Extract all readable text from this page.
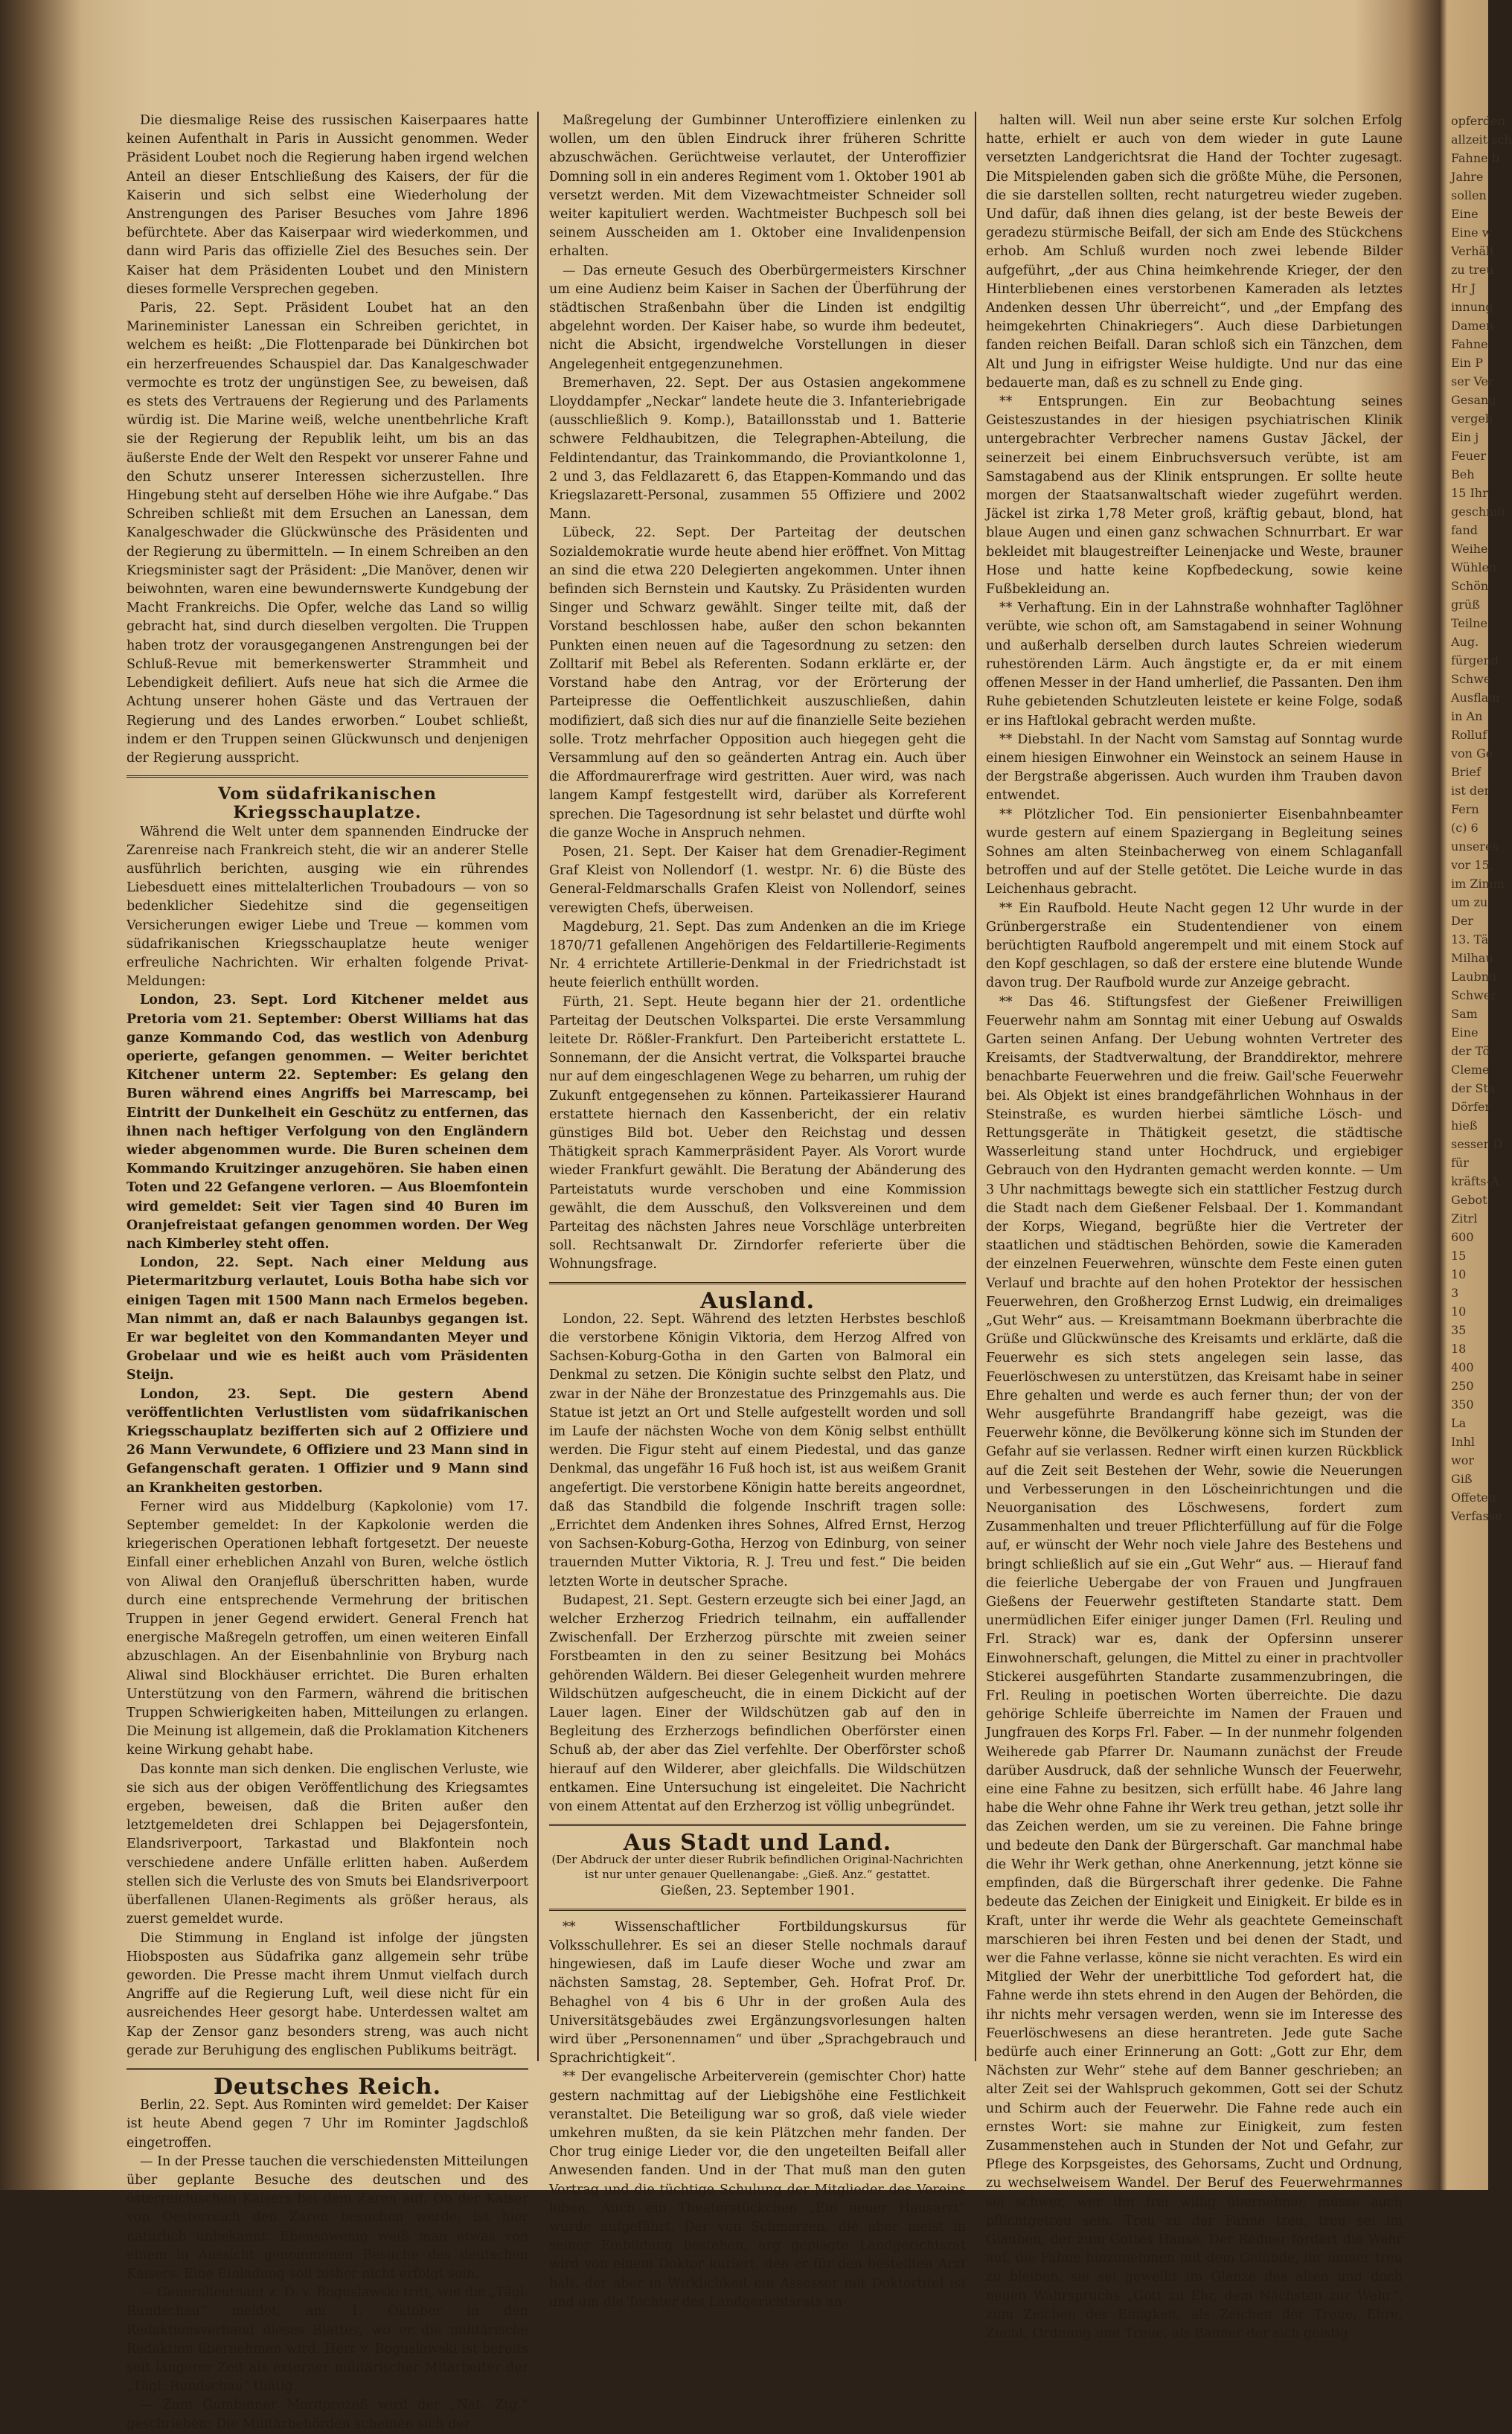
Die diesmalige Reise des russischen Kaiserpaares hatte keinen Aufenthalt in Paris in Aussicht genommen. Weder Präsident Loubet noch die Regierung haben irgend welchen Anteil an dieser Entschließung des Kaisers, der für die Kaiserin und sich selbst eine Wiederholung der Anstrengungen des Pariser Besuches vom Jahre 1896 befürchtete. Aber das Kaiserpaar wird wiederkommen, und dann wird Paris das offizielle Ziel des Besuches sein. Der Kaiser hat dem Präsidenten Loubet und den Ministern dieses formelle Versprechen gegeben.

Paris, 22. Sept. Präsident Loubet hat an den Marineminister Lanessan ein Schreiben gerichtet, in welchem es heißt: „Die Flottenparade bei Dünkirchen bot ein herzerfreuendes Schauspiel dar. Das Kanalgeschwader vermochte es trotz der ungünstigen See, zu beweisen, daß es stets des Vertrauens der Regierung und des Parlaments würdig ist. Die Marine weiß, welche unentbehrliche Kraft sie der Regierung der Republik leiht, um bis an das äußerste Ende der Welt den Respekt vor unserer Fahne und den Schutz unserer Interessen sicherzustellen. Ihre Hingebung steht auf derselben Höhe wie ihre Aufgabe.“ Das Schreiben schließt mit dem Ersuchen an Lanessan, dem Kanalgeschwader die Glückwünsche des Präsidenten und der Regierung zu übermitteln. — In einem Schreiben an den Kriegsminister sagt der Präsident: „Die Manöver, denen wir beiwohnten, waren eine bewundernswerte Kundgebung der Macht Frankreichs. Die Opfer, welche das Land so willig gebracht hat, sind durch dieselben vergolten. Die Truppen haben trotz der vorausgegangenen Anstrengungen bei der Schluß-Revue mit bemerkenswerter Strammheit und Lebendigkeit defiliert. Aufs neue hat sich die Armee die Achtung unserer hohen Gäste und das Vertrauen der Regierung und des Landes erworben.“ Loubet schließt, indem er den Truppen seinen Glückwunsch und denjenigen der Regierung ausspricht.

Vom südafrikanischen Kriegsschauplatze.

Während die Welt unter dem spannenden Eindrucke der Zarenreise nach Frankreich steht, die wir an anderer Stelle ausführlich berichten, ausging wie ein rührendes Liebesduett eines mittelalterlichen Troubadours — von so bedenklicher Siedehitze sind die gegenseitigen Versicherungen ewiger Liebe und Treue — kommen vom südafrikanischen Kriegsschauplatze heute weniger erfreuliche Nachrichten. Wir erhalten folgende Privat-Meldungen:

London, 23. Sept. Lord Kitchener meldet aus Pretoria vom 21. September: Oberst Williams hat das ganze Kommando Cod, das westlich von Adenburg operierte, gefangen genommen. — Weiter berichtet Kitchener unterm 22. September: Es gelang den Buren während eines Angriffs bei Marrescamp, bei Eintritt der Dunkelheit ein Geschütz zu entfernen, das ihnen nach heftiger Verfolgung von den Engländern wieder abgenommen wurde. Die Buren scheinen dem Kommando Kruitzinger anzugehören. Sie haben einen Toten und 22 Gefangene verloren. — Aus Bloemfontein wird gemeldet: Seit vier Tagen sind 40 Buren im Oranjefreistaat gefangen genommen worden. Der Weg nach Kimberley steht offen.

London, 22. Sept. Nach einer Meldung aus Pietermaritzburg verlautet, Louis Botha habe sich vor einigen Tagen mit 1500 Mann nach Ermelos begeben. Man nimmt an, daß er nach Balaunbys gegangen ist. Er war begleitet von den Kommandanten Meyer und Grobelaar und wie es heißt auch vom Präsidenten Steijn.

London, 23. Sept. Die gestern Abend veröffentlichten Verlustlisten vom südafrikanischen Kriegsschauplatz bezifferten sich auf 2 Offiziere und 26 Mann Verwundete, 6 Offiziere und 23 Mann sind in Gefangenschaft geraten. 1 Offizier und 9 Mann sind an Krankheiten gestorben.

Ferner wird aus Middelburg (Kapkolonie) vom 17. September gemeldet: In der Kapkolonie werden die kriegerischen Operationen lebhaft fortgesetzt. Der neueste Einfall einer erheblichen Anzahl von Buren, welche östlich von Aliwal den Oranjefluß überschritten haben, wurde durch eine entsprechende Vermehrung der britischen Truppen in jener Gegend erwidert. General French hat energische Maßregeln getroffen, um einen weiteren Einfall abzuschlagen. An der Eisenbahnlinie von Bryburg nach Aliwal sind Blockhäuser errichtet. Die Buren erhalten Unterstützung von den Farmern, während die britischen Truppen Schwierigkeiten haben, Mitteilungen zu erlangen. Die Meinung ist allgemein, daß die Proklamation Kitcheners keine Wirkung gehabt habe.

Das konnte man sich denken. Die englischen Verluste, wie sie sich aus der obigen Veröffentlichung des Kriegsamtes ergeben, beweisen, daß die Briten außer den letztgemeldeten drei Schlappen bei Dejagersfontein, Elandsriverpoort, Tarkastad und Blakfontein noch verschiedene andere Unfälle erlitten haben. Außerdem stellen sich die Verluste des von Smuts bei Elandsriverpoort überfallenen Ulanen-Regiments als größer heraus, als zuerst gemeldet wurde.

Die Stimmung in England ist infolge der jüngsten Hiobsposten aus Südafrika ganz allgemein sehr trübe geworden. Die Presse macht ihrem Unmut vielfach durch Angriffe auf die Regierung Luft, weil diese nicht für ein ausreichendes Heer gesorgt habe. Unterdessen waltet am Kap der Zensor ganz besonders streng, was auch nicht gerade zur Beruhigung des englischen Publikums beiträgt.

Deutsches Reich.

Berlin, 22. Sept. Aus Rominten wird gemeldet: Der Kaiser ist heute Abend gegen 7 Uhr im Rominter Jagdschloß eingetroffen.

— In der Presse tauchen die verschiedensten Mitteilungen über geplante Besuche des deutschen und des österreichischen Kaisers bei dem Zaren auf. Ob der Kaiser von Oesterreich den Zaren besuchen werde, ist hier natürlich unbekannt. Ebensowenig weiß man etwas von einem in Aussicht genommenen Besuche des deutschen Kaisers. Eine Einladung soll bisher nicht erfolgt sein.

— Generalleutnant z. D. v. Boguslawski tritt, wie die „Tägl. Rundschau“ meldet, am 1. Oktober in den Redaktionsverband dieses Blattes, wo er die militärische Redaktion übernehmen wird. Herr v. Boguslawski ist bereits seit längerer Zeit als externer militärischer Mitarbeiter der „Tägl. Rundschau“ thätig.

— Zum Gumbinner Mordprozeß wird der „Nat. Ztg.“ geschrieben: Die Militärbehörden scheinen sich der

Maßregelung der Gumbinner Unteroffiziere einlenken zu wollen, um den üblen Eindruck ihrer früheren Schritte abzuschwächen. Gerüchtweise verlautet, der Unteroffizier Domning soll in ein anderes Regiment vom 1. Oktober 1901 ab versetzt werden. Mit dem Vizewachtmeister Schneider soll weiter kapituliert werden. Wachtmeister Buchpesch soll bei seinem Ausscheiden am 1. Oktober eine Invalidenpension erhalten.

— Das erneute Gesuch des Oberbürgermeisters Kirschner um eine Audienz beim Kaiser in Sachen der Überführung der städtischen Straßenbahn über die Linden ist endgiltig abgelehnt worden. Der Kaiser habe, so wurde ihm bedeutet, nicht die Absicht, irgendwelche Vorstellungen in dieser Angelegenheit entgegenzunehmen.

Bremerhaven, 22. Sept. Der aus Ostasien angekommene Lloyddampfer „Neckar“ landete heute die 3. Infanteriebrigade (ausschließlich 9. Komp.), Bataillonsstab und 1. Batterie schwere Feldhaubitzen, die Telegraphen-Abteilung, die Feldintendantur, das Trainkommando, die Proviantkolonne 1, 2 und 3, das Feldlazarett 6, das Etappen-Kommando und das Kriegslazarett-Personal, zusammen 55 Offiziere und 2002 Mann.

Lübeck, 22. Sept. Der Parteitag der deutschen Sozialdemokratie wurde heute abend hier eröffnet. Von Mittag an sind die etwa 220 Delegierten angekommen. Unter ihnen befinden sich Bernstein und Kautsky. Zu Präsidenten wurden Singer und Schwarz gewählt. Singer teilte mit, daß der Vorstand beschlossen habe, außer den schon bekannten Punkten einen neuen auf die Tagesordnung zu setzen: den Zolltarif mit Bebel als Referenten. Sodann erklärte er, der Vorstand habe den Antrag, vor der Erörterung der Parteipresse die Oeffentlichkeit auszuschließen, dahin modifiziert, daß sich dies nur auf die finanzielle Seite beziehen solle. Trotz mehrfacher Opposition auch hiegegen geht die Versammlung auf den so geänderten Antrag ein. Auch über die Affordmaurerfrage wird gestritten. Auer wird, was nach langem Kampf festgestellt wird, darüber als Korreferent sprechen. Die Tagesordnung ist sehr belastet und dürfte wohl die ganze Woche in Anspruch nehmen.

Posen, 21. Sept. Der Kaiser hat dem Grenadier-Regiment Graf Kleist von Nollendorf (1. westpr. Nr. 6) die Büste des General-Feldmarschalls Grafen Kleist von Nollendorf, seines verewigten Chefs, überweisen.

Magdeburg, 21. Sept. Das zum Andenken an die im Kriege 1870/71 gefallenen Angehörigen des Feldartillerie-Regiments Nr. 4 errichtete Artillerie-Denkmal in der Friedrichstadt ist heute feierlich enthüllt worden.

Fürth, 21. Sept. Heute begann hier der 21. ordentliche Parteitag der Deutschen Volkspartei. Die erste Versammlung leitete Dr. Rößler-Frankfurt. Den Parteibericht erstattete L. Sonnemann, der die Ansicht vertrat, die Volkspartei brauche nur auf dem eingeschlagenen Wege zu beharren, um ruhig der Zukunft entgegensehen zu können. Parteikassierer Haurand erstattete hiernach den Kassenbericht, der ein relativ günstiges Bild bot. Ueber den Reichstag und dessen Thätigkeit sprach Kammerpräsident Payer. Als Vorort wurde wieder Frankfurt gewählt. Die Beratung der Abänderung des Parteistatuts wurde verschoben und eine Kommission gewählt, die dem Ausschuß, den Volksvereinen und dem Parteitag des nächsten Jahres neue Vorschläge unterbreiten soll. Rechtsanwalt Dr. Zirndorfer referierte über die Wohnungsfrage.

Ausland.

London, 22. Sept. Während des letzten Herbstes beschloß die verstorbene Königin Viktoria, dem Herzog Alfred von Sachsen-Koburg-Gotha in den Garten von Balmoral ein Denkmal zu setzen. Die Königin suchte selbst den Platz, und zwar in der Nähe der Bronzestatue des Prinzgemahls aus. Die Statue ist jetzt an Ort und Stelle aufgestellt worden und soll im Laufe der nächsten Woche von dem König selbst enthüllt werden. Die Figur steht auf einem Piedestal, und das ganze Denkmal, das ungefähr 16 Fuß hoch ist, ist aus weißem Granit angefertigt. Die verstorbene Königin hatte bereits angeordnet, daß das Standbild die folgende Inschrift tragen solle: „Errichtet dem Andenken ihres Sohnes, Alfred Ernst, Herzog von Sachsen-Koburg-Gotha, Herzog von Edinburg, von seiner trauernden Mutter Viktoria, R. J. Treu und fest.“ Die beiden letzten Worte in deutscher Sprache.

Budapest, 21. Sept. Gestern erzeugte sich bei einer Jagd, an welcher Erzherzog Friedrich teilnahm, ein auffallender Zwischenfall. Der Erzherzog pürschte mit zweien seiner Forstbeamten in den zu seiner Besitzung bei Mohács gehörenden Wäldern. Bei dieser Gelegenheit wurden mehrere Wildschützen aufgescheucht, die in einem Dickicht auf der Lauer lagen. Einer der Wildschützen gab auf den in Begleitung des Erzherzogs befindlichen Oberförster einen Schuß ab, der aber das Ziel verfehlte. Der Oberförster schoß hierauf auf den Wilderer, aber gleichfalls. Die Wildschützen entkamen. Eine Untersuchung ist eingeleitet. Die Nachricht von einem Attentat auf den Erzherzog ist völlig unbegründet.

Aus Stadt und Land.

(Der Abdruck der unter dieser Rubrik befindlichen Original-Nachrichten ist nur unter genauer Quellenangabe: „Gieß. Anz.“ gestattet.

Gießen, 23. September 1901.

** Wissenschaftlicher Fortbildungskursus für Volksschullehrer. Es sei an dieser Stelle nochmals darauf hingewiesen, daß im Laufe dieser Woche und zwar am nächsten Samstag, 28. September, Geh. Hofrat Prof. Dr. Behaghel von 4 bis 6 Uhr in der großen Aula des Universitätsgebäudes zwei Ergänzungsvorlesungen halten wird über „Personennamen“ und über „Sprachgebrauch und Sprachrichtigkeit“.

** Der evangelische Arbeiterverein (gemischter Chor) hatte gestern nachmittag auf der Liebigshöhe eine Festlichkeit veranstaltet. Die Beteiligung war so groß, daß viele wieder umkehren mußten, da sie kein Plätzchen mehr fanden. Der Chor trug einige Lieder vor, die den ungeteilten Beifall aller Anwesenden fanden. Und in der That muß man den guten Vortrag und die tüchtige Schulung der Mitglieder des Vereins loben. Auch ein Theaterstückchen „Ein neuer Hausarzt“ wurde aufgeführt. Der von Schmerzen, die aber meist in seiner Einbildung bestehen, arg geplagte Landgerichtsrat wird von einem Doktor kuriert, den er für den bestellten Arzt hält, der aber in Wirklichkeit ein Assessor mit Doktortitel ist und um die Tochter des Landgerichtsrats an-

halten will. Weil nun aber seine erste Kur solchen Erfolg hatte, erhielt er auch von dem wieder in gute Laune versetzten Landgerichtsrat die Hand der Tochter zugesagt. Die Mitspielenden gaben sich die größte Mühe, die Personen, die sie darstellen sollten, recht naturgetreu wieder zugeben. Und dafür, daß ihnen dies gelang, ist der beste Beweis der geradezu stürmische Beifall, der sich am Ende des Stückchens erhob. Am Schluß wurden noch zwei lebende Bilder aufgeführt, „der aus China heimkehrende Krieger, der den Hinterbliebenen eines verstorbenen Kameraden als letztes Andenken dessen Uhr überreicht“, und „der Empfang des heimgekehrten Chinakriegers“. Auch diese Darbietungen fanden reichen Beifall. Daran schloß sich ein Tänzchen, dem Alt und Jung in eifrigster Weise huldigte. Und nur das eine bedauerte man, daß es zu schnell zu Ende ging.

** Entsprungen. Ein zur Beobachtung seines Geisteszustandes in der hiesigen psychiatrischen Klinik untergebrachter Verbrecher namens Gustav Jäckel, der seinerzeit bei einem Einbruchsversuch verübte, ist am Samstagabend aus der Klinik entsprungen. Er sollte heute morgen der Staatsanwaltschaft wieder zugeführt werden. Jäckel ist zirka 1,78 Meter groß, kräftig gebaut, blond, hat blaue Augen und einen ganz schwachen Schnurrbart. Er war bekleidet mit blaugestreifter Leinenjacke und Weste, brauner Hose und hatte keine Kopfbedeckung, sowie keine Fußbekleidung an.

** Verhaftung. Ein in der Lahnstraße wohnhafter Taglöhner verübte, wie schon oft, am Samstagabend in seiner Wohnung und außerhalb derselben durch lautes Schreien wiederum ruhestörenden Lärm. Auch ängstigte er, da er mit einem offenen Messer in der Hand umherlief, die Passanten. Den ihm Ruhe gebietenden Schutzleuten leistete er keine Folge, sodaß er ins Haftlokal gebracht werden mußte.

** Diebstahl. In der Nacht vom Samstag auf Sonntag wurde einem hiesigen Einwohner ein Weinstock an seinem Hause in der Bergstraße abgerissen. Auch wurden ihm Trauben davon entwendet.

** Plötzlicher Tod. Ein pensionierter Eisenbahnbeamter wurde gestern auf einem Spaziergang in Begleitung seines Sohnes am alten Steinbacherweg von einem Schlaganfall betroffen und auf der Stelle getötet. Die Leiche wurde in das Leichenhaus gebracht.

** Ein Raufbold. Heute Nacht gegen 12 Uhr wurde in der Grünbergerstraße ein Studentendiener von einem berüchtigten Raufbold angerempelt und mit einem Stock auf den Kopf geschlagen, so daß der erstere eine blutende Wunde davon trug. Der Raufbold wurde zur Anzeige gebracht.

** Das 46. Stiftungsfest der Gießener Freiwilligen Feuerwehr nahm am Sonntag mit einer Uebung auf Oswalds Garten seinen Anfang. Der Uebung wohnten Vertreter des Kreisamts, der Stadtverwaltung, der Branddirektor, mehrere benachbarte Feuerwehren und die freiw. Gail'sche Feuerwehr bei. Als Objekt ist eines brandgefährlichen Wohnhaus in der Steinstraße, es wurden hierbei sämtliche Lösch- und Rettungsgeräte in Thätigkeit gesetzt, die städtische Wasserleitung stand unter Hochdruck, und ergiebiger Gebrauch von den Hydranten gemacht werden konnte. — Um 3 Uhr nachmittags bewegte sich ein stattlicher Festzug durch die Stadt nach dem Gießener Felsbaal. Der 1. Kommandant der Korps, Wiegand, begrüßte hier die Vertreter der staatlichen und städtischen Behörden, sowie die Kameraden der einzelnen Feuerwehren, wünschte dem Feste einen guten Verlauf und brachte auf den hohen Protektor der hessischen Feuerwehren, den Großherzog Ernst Ludwig, ein dreimaliges „Gut Wehr“ aus. — Kreisamtmann Boekmann überbrachte die Grüße und Glückwünsche des Kreisamts und erklärte, daß die Feuerwehr es sich stets angelegen sein lasse, das Feuerlöschwesen zu unterstützen, das Kreisamt habe in seiner Ehre gehalten und werde es auch ferner thun; der von der Wehr ausgeführte Brandangriff habe gezeigt, was die Feuerwehr könne, die Bevölkerung könne sich im Stunden der Gefahr auf sie verlassen. Redner wirft einen kurzen Rückblick auf die Zeit seit Bestehen der Wehr, sowie die Neuerungen und Verbesserungen in den Löscheinrichtungen und die Neuorganisation des Löschwesens, fordert zum Zusammenhalten und treuer Pflichterfüllung auf für die Folge auf, er wünscht der Wehr noch viele Jahre des Bestehens und bringt schließlich auf sie ein „Gut Wehr“ aus. — Hierauf fand die feierliche Uebergabe der von Frauen und Jungfrauen Gießens der Feuerwehr gestifteten Standarte statt. Dem unermüdlichen Eifer einiger junger Damen (Frl. Reuling und Frl. Strack) war es, dank der Opfersinn unserer Einwohnerschaft, gelungen, die Mittel zu einer in prachtvoller Stickerei ausgeführten Standarte zusammenzubringen, die Frl. Reuling in poetischen Worten überreichte. Die dazu gehörige Schleife überreichte im Namen der Frauen und Jungfrauen des Korps Frl. Faber. — In der nunmehr folgenden Weiherede gab Pfarrer Dr. Naumann zunächst der Freude darüber Ausdruck, daß der sehnliche Wunsch der Feuerwehr, eine eine Fahne zu besitzen, sich erfüllt habe. 46 Jahre lang habe die Wehr ohne Fahne ihr Werk treu gethan, jetzt solle ihr das Zeichen werden, um sie zu vereinen. Die Fahne bringe und bedeute den Dank der Bürgerschaft. Gar manchmal habe die Wehr ihr Werk gethan, ohne Anerkennung, jetzt könne sie empfinden, daß die Bürgerschaft ihrer gedenke. Die Fahne bedeute das Zeichen der Einigkeit und Einigkeit. Er bilde es in Kraft, unter ihr werde die Wehr als geachtete Gemeinschaft marschieren bei ihren Festen und bei denen der Stadt, und wer die Fahne verlasse, könne sie nicht verachten. Es wird ein Mitglied der Wehr der unerbittliche Tod gefordert hat, die Fahne werde ihn stets ehrend in den Augen der Behörden, die ihr nichts mehr versagen werden, wenn sie im Interesse des Feuerlöschwesens an diese herantreten. Jede gute Sache bedürfe auch einer Erinnerung an Gott: „Gott zur Ehr, dem Nächsten zur Wehr“ stehe auf dem Banner geschrieben; an alter Zeit sei der Wahlspruch gekommen, Gott sei der Schutz und Schirm auch der Feuerwehr. Die Fahne rede auch ein ernstes Wort: sie mahne zur Einigkeit, zum festen Zusammenstehen auch in Stunden der Not und Gefahr, zur Pflege des Korpsgeistes, des Gehorsams, Zucht und Ordnung, zu wechselweisem Wandel. Der Beruf des Feuerwehrmannes sei schwer, wer ihn frei willig übernehme, müsse auch pflichtgetreu sein. Treu zu der Fahne treu, treu sei im Glauben, der zum Gottes Hause. Der Redner fordert die Wehr auf, die Fahne hinzunehmen mit dem Gelübde, ihr immer treu zu bleiben, sie sei geweiht im Glanze des alten und doch neuen Wahrspruchs „Gott zu Ehr, dem Nächsten zur Wehr“, zum Zeichen der Einigkeit, als Zeichen der Treue, Ehre, Zucht, Ordnung und Treue, als Banner der sich geistig

opferden
allzeit sch
Fahne b
Jahre
sollen
Eine
Eine w
Verhält
zu treu
Hr J
innung
Damen
Fahne
Ein P
ser Ver
Gesang
vergeb
Ein j
Feuer
Beh
15 Ihr
geschmü
fand
Weihe
Wühlen
Schön
grüß
Teilne
Aug.
fürgend
Schwe
Ausflam
in An
Rolluf
von Ge
Brief
ist der
Fern
(c) 6
unseres
vor 15,
im Zimm
um zu
Der
13. Tä
Milhau
Laubnu
Schwer
Sam
Eine
der Tö
Cleme
der Sta
Dörfer
hieß
sesser D
für
kräfts-A
Gebot
Zitrl
600
15
10
3
10
35
18
400
250
350
La
Inhl
wor
Giß
Offeten
Verfasse
